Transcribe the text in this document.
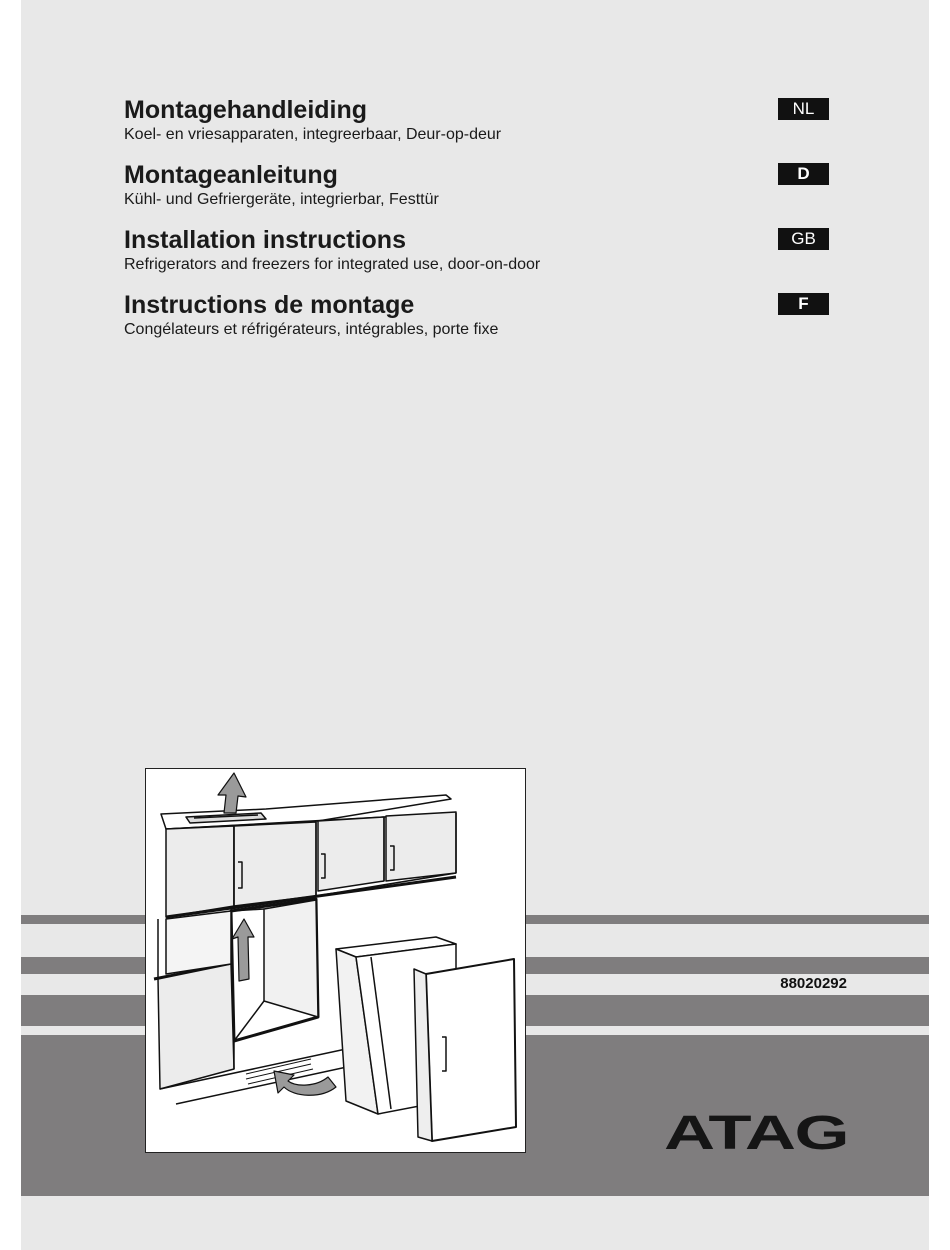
Montagehandleiding
Koel- en vriesapparaten, integreerbaar, Deur-op-deur
NL
Montageanleitung
Kühl- und Gefriergeräte, integrierbar, Festtür
D
Installation instructions
Refrigerators and freezers for integrated use, door-on-door
GB
Instructions de montage
Congélateurs et réfrigérateurs, intégrables, porte fixe
F
88020292
ATAG
